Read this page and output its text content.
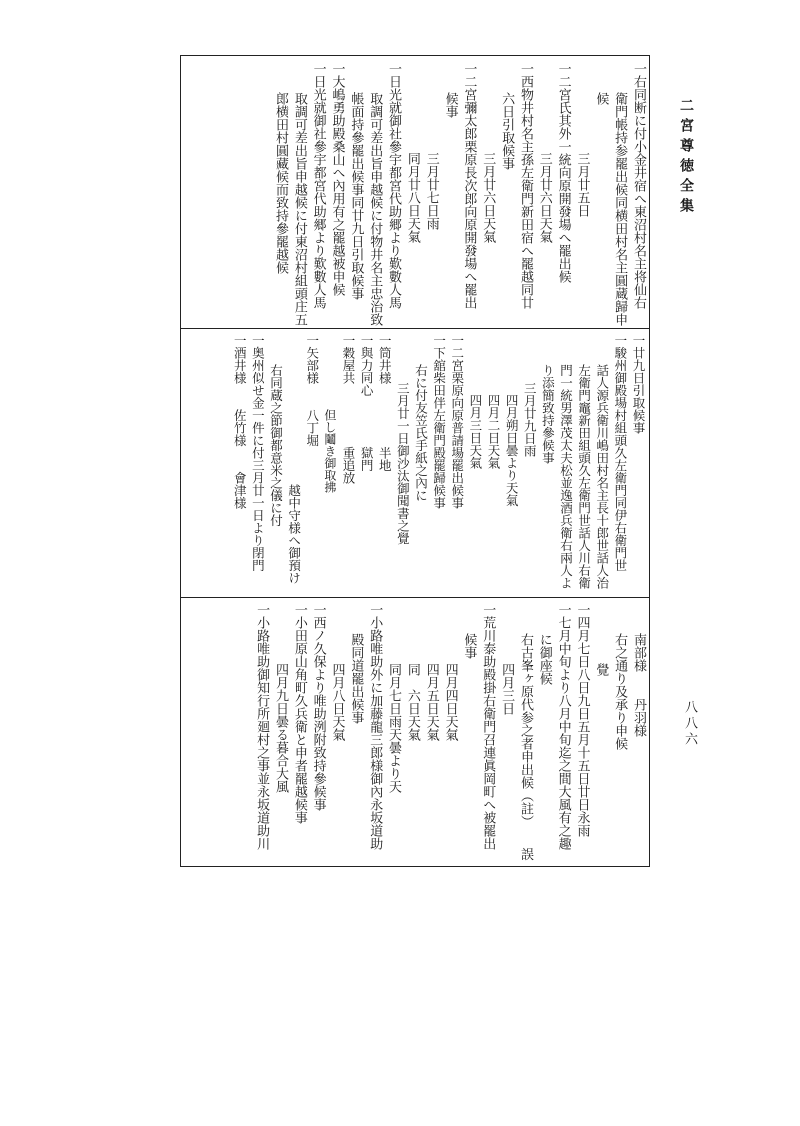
二宮尊徳全集
八八六
一右同断に付小金井宿へ東沼村名主将仙右
衛門帳持参罷出候同横田村名主圓蔵歸申
候
三月廿五日
一二宮氏其外一統向原開發場へ罷出候
三月廿六日天氣
一西物井村名主孫左衛門新田宿へ罷越同廿
六日引取候事
三月廿六日天氣
一二宮彌太郎栗原長次郎向原開發場へ罷出
候事
三月廿七日雨
同月廿八日天氣
一日光就御社參宇都宮代助郷より歎數人馬
取調可差出旨申越候に付物井名主忠治致
帳面持參罷出候事同廿九日引取候事
一大嶋勇助殿桑山へ內用有之罷越被申候
一日光就御社參宇都宮代助郷より歎數人馬
取調可差出旨申越候に付東沼村組頭庄五
郎横田村圓藏候而致持參罷越候
一廿九日引取候事
一駿州御殿場村組頭久左衛門同伊右衛門世
話人源兵衛川嶋田村名主長十郎世話人治
左衛門竈新田組頭久左衛門世話人川右衛
門一統男澤茂太夫松並逸酒兵衛右兩人よ
り添簡致持參候事
三月廿九日雨
四月朔日曇より天氣
四月二日天氣
四月三日天氣
一二宮栗原向原普請場罷出候事
一下舘柴田伴左衛門殿罷歸候事
右に付友笠氏手紙之內に
三月廿一日御沙汰御聞書之覺
一筒井様　　　　　半地
一與力同心　　　　獄門
一穀屋共　　　　　重追放
但し鬮き御取拂
一矢部様　　八丁堀
越中守様へ御預け
右同蔵之節御都意米之儀に付
一奥州似せ金一件に付三月廿一日より閉門
一酒井様　　佐竹様　　會津様
南部様　　丹羽様
右之通り及承り申候
覺
一四月七日八日九日五月十五日廿日永雨
一七月中旬より八月中旬迄之間大風有之趣
に御座候
右古峯ヶ原代参之者申出候（註）　　誤
四月三日
一荒川泰助殿掛右衛門召連眞岡町へ被罷出
候事
四月四日天氣
四月五日天氣
同　六日天氣
同月七日雨天曇より天
一小路唯助外に加藤龍三郎様御內永坂道助
殿同道罷出候事
四月八日天氣
一西ノ久保より唯助洌附致持參候事
一小田原山角町久兵衛と申者罷越候事
四月九日曇る暮合大風
一小路唯助御知行所廻村之事並永坂道助川
